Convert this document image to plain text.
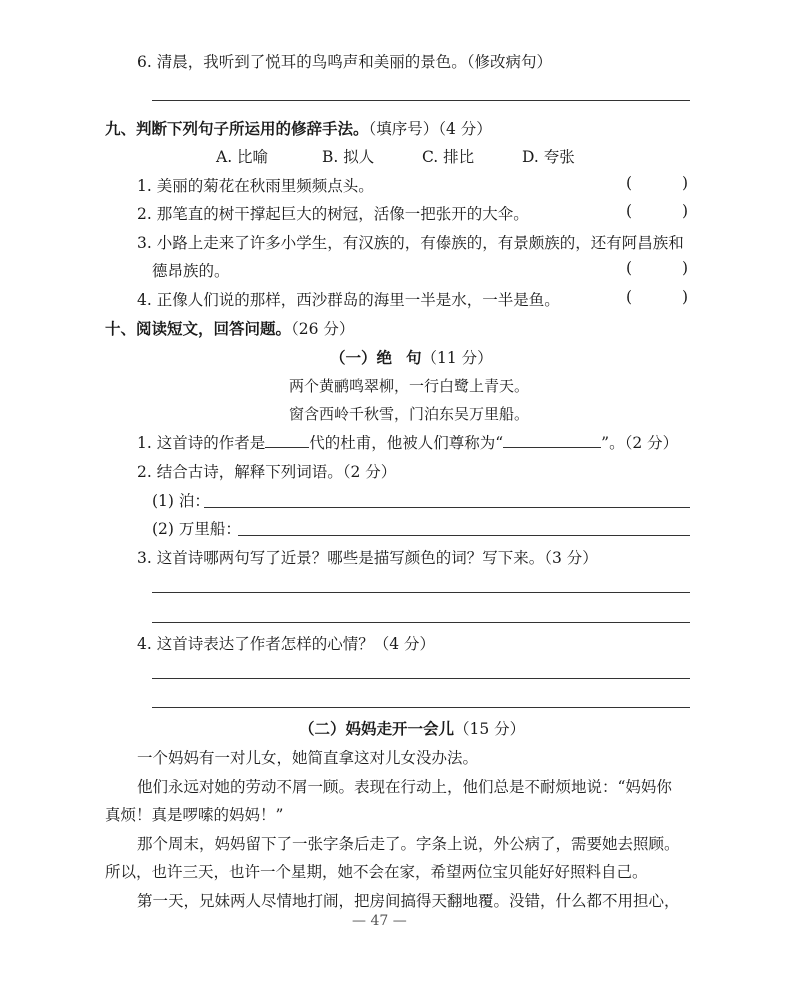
6. 清晨，我听到了悦耳的鸟鸣声和美丽的景色。（修改病句）
九、判断下列句子所运用的修辞手法。（填序号）（4 分）
A. 比喻	B. 拟人	C. 排比	D. 夸张
1. 美丽的菊花在秋雨里频频点头。	(	)
2. 那笔直的树干撑起巨大的树冠，活像一把张开的大伞。	(	)
3. 小路上走来了许多小学生，有汉族的，有傣族的，有景颇族的，还有阿昌族和
德昂族的。	(	)
4. 正像人们说的那样，西沙群岛的海里一半是水，一半是鱼。	(	)
十、阅读短文，回答问题。（26 分）
（一）绝 句（11 分）
两个黄鹂鸣翠柳，一行白鹭上青天。
窗含西岭千秋雪，门泊东吴万里船。
1. 这首诗的作者是	代的杜甫，他被人们尊称为“	”。（2 分）
2. 结合古诗，解释下列词语。（2 分）
(1) 泊：
(2) 万里船：
3. 这首诗哪两句写了近景？哪些是描写颜色的词？写下来。（3 分）
4. 这首诗表达了作者怎样的心情？（4 分）
（二）妈妈走开一会儿（15 分）
一个妈妈有一对儿女，她简直拿这对儿女没办法。
他们永远对她的劳动不屑一顾。表现在行动上，他们总是不耐烦地说：“妈妈你
真烦！真是啰嗦的妈妈！”
那个周末，妈妈留下了一张字条后走了。字条上说，外公病了，需要她去照顾。
所以，也许三天，也许一个星期，她不会在家，希望两位宝贝能好好照料自己。
第一天，兄妹两人尽情地打闹，把房间搞得天翻地覆。没错，什么都不用担心，
— 47 —
